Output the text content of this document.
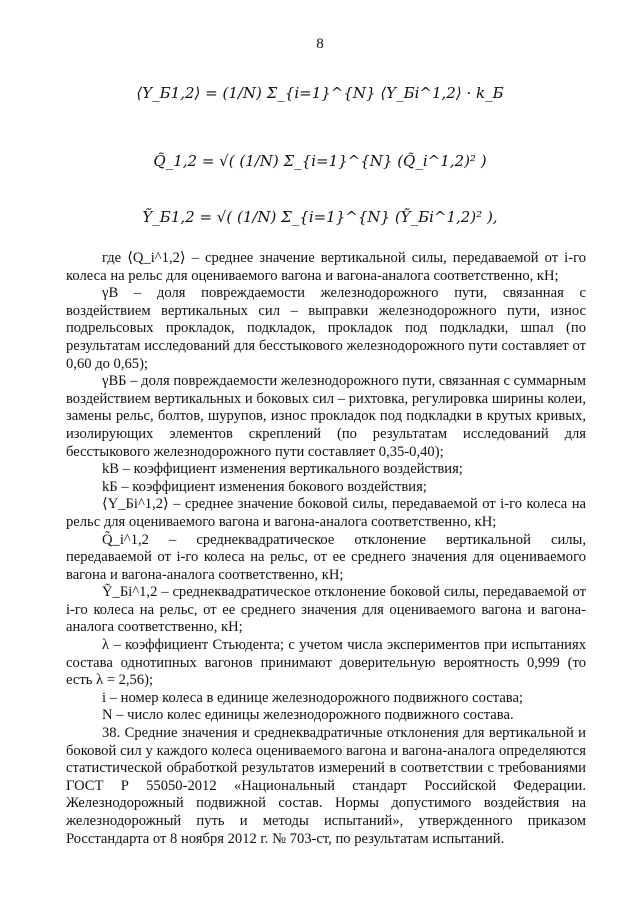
8
⟨Y_Б1,2⟩ = (1/N) Σ_{i=1}^{N} ⟨Y_Бi^1,2⟩ · k_Б
Q̃_1,2 = √( (1/N) Σ_{i=1}^{N} (Q̃_i^1,2)² )
Ỹ_Б1,2 = √( (1/N) Σ_{i=1}^{N} (Ỹ_Бi^1,2)² ),

где ⟨Q_i^1,2⟩ – среднее значение вертикальной силы, передаваемой от i-го колеса на рельс для оцениваемого вагона и вагона-аналога соответственно, кН;

γВ – доля повреждаемости железнодорожного пути, связанная с воздействием вертикальных сил – выправки железнодорожного пути, износ подрельсовых прокладок, подкладок, прокладок под подкладки, шпал (по результатам исследований для бесстыкового железнодорожного пути составляет от 0,60 до 0,65);

γВБ – доля повреждаемости железнодорожного пути, связанная с суммарным воздействием вертикальных и боковых сил – рихтовка, регулировка ширины колеи, замены рельс, болтов, шурупов, износ прокладок под подкладки в крутых кривых, изолирующих элементов скреплений (по результатам исследований для бесстыкового железнодорожного пути составляет 0,35-0,40);

kВ – коэффициент изменения вертикального воздействия;

kБ – коэффициент изменения бокового воздействия;

⟨Y_Бi^1,2⟩ – среднее значение боковой силы, передаваемой от i-го колеса на рельс для оцениваемого вагона и вагона-аналога соответственно, кН;

Q̃_i^1,2 – среднеквадратическое отклонение вертикальной силы, передаваемой от i-го колеса на рельс, от ее среднего значения для оцениваемого вагона и вагона-аналога соответственно, кН;

Ỹ_Бi^1,2 – среднеквадратическое отклонение боковой силы, передаваемой от i-го колеса на рельс, от ее среднего значения для оцениваемого вагона и вагона-аналога соответственно, кН;

λ – коэффициент Стьюдента; с учетом числа экспериментов при испытаниях состава однотипных вагонов принимают доверительную вероятность 0,999 (то есть λ = 2,56);

i – номер колеса в единице железнодорожного подвижного состава;

N – число колес единицы железнодорожного подвижного состава.

38. Средние значения и среднеквадратичные отклонения для вертикальной и боковой сил у каждого колеса оцениваемого вагона и вагона-аналога определяются статистической обработкой результатов измерений в соответствии с требованиями ГОСТ Р 55050-2012 «Национальный стандарт Российской Федерации. Железнодорожный подвижной состав. Нормы допустимого воздействия на железнодорожный путь и методы испытаний», утвержденного приказом Росстандарта от 8 ноября 2012 г. № 703-ст, по результатам испытаний.
